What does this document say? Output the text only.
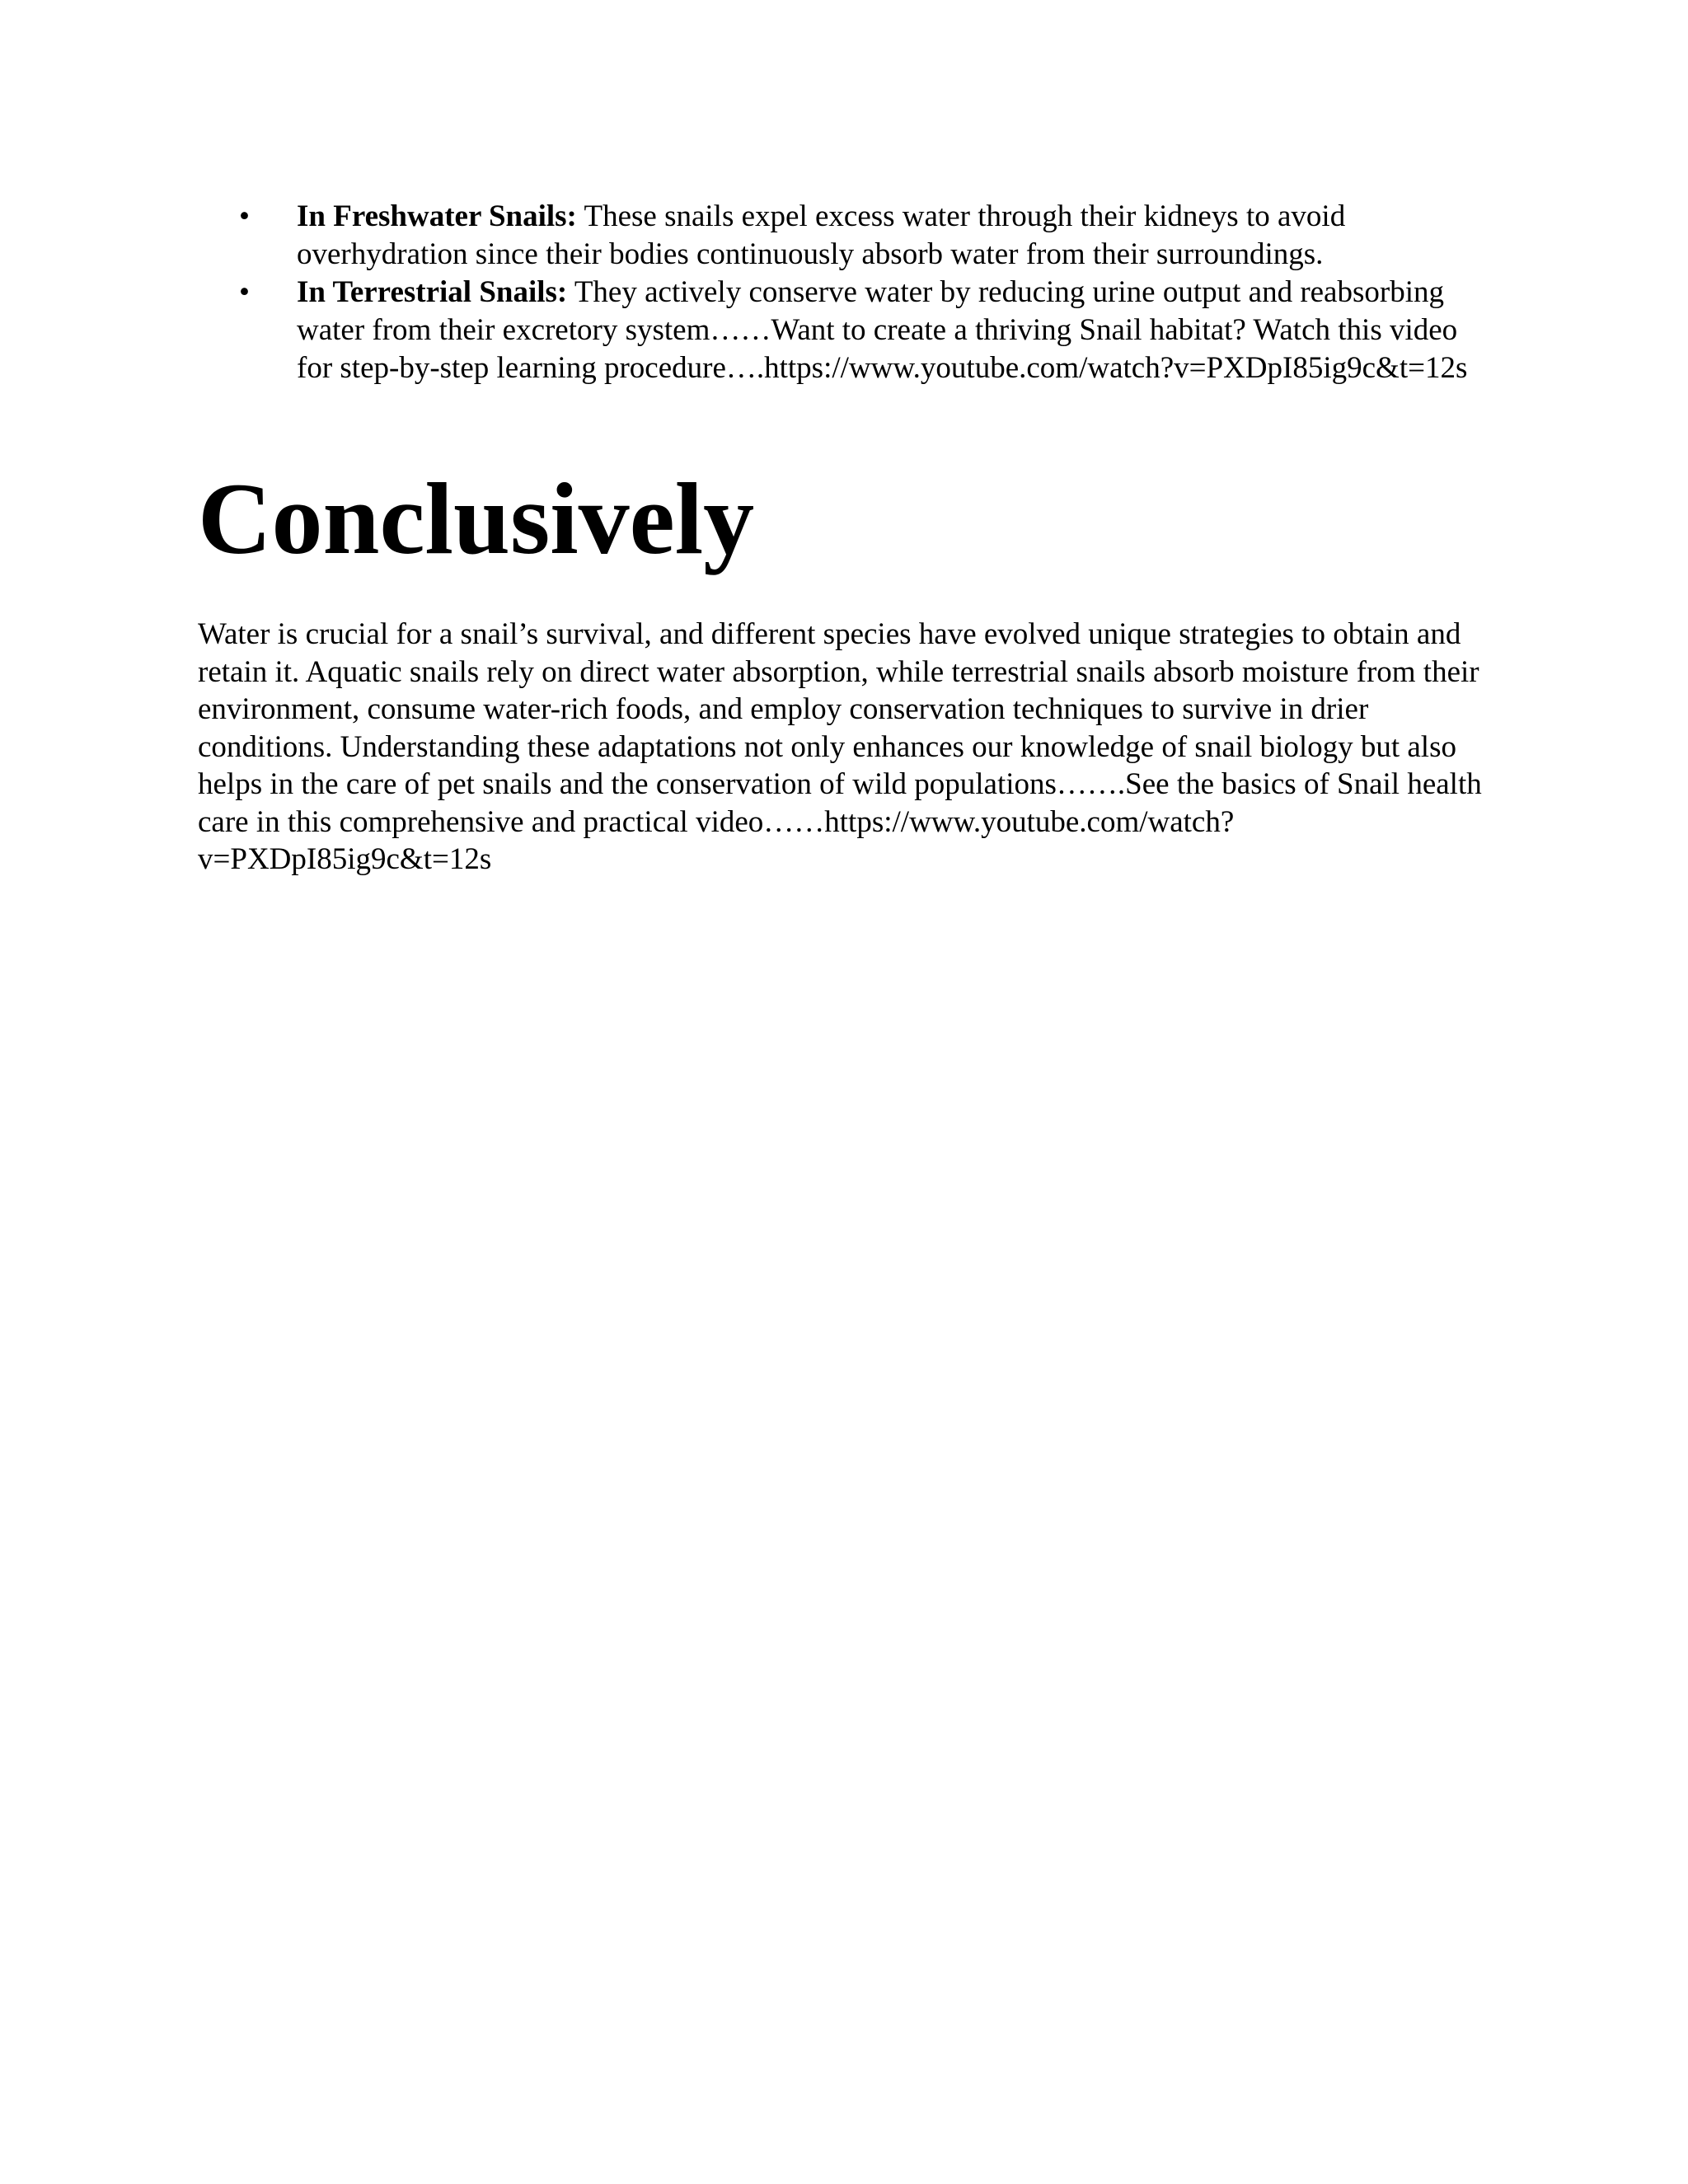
• In Freshwater Snails: These snails expel excess water through their kidneys to avoid overhydration since their bodies continuously absorb water from their surroundings.
• In Terrestrial Snails: They actively conserve water by reducing urine output and reabsorbing water from their excretory system……Want to create a thriving Snail habitat? Watch this video for step-by-step learning procedure….https://www.youtube.com/watch?v=PXDpI85ig9c&t=12s
Conclusively

Water is crucial for a snail’s survival, and different species have evolved unique strategies to obtain and retain it. Aquatic snails rely on direct water absorption, while terrestrial snails absorb moisture from their environment, consume water-rich foods, and employ conservation techniques to survive in drier conditions. Understanding these adaptations not only enhances our knowledge of snail biology but also helps in the care of pet snails and the conservation of wild populations…….See the basics of Snail health care in this comprehensive and practical video……https://www.youtube.com/watch?v=PXDpI85ig9c&t=12s
